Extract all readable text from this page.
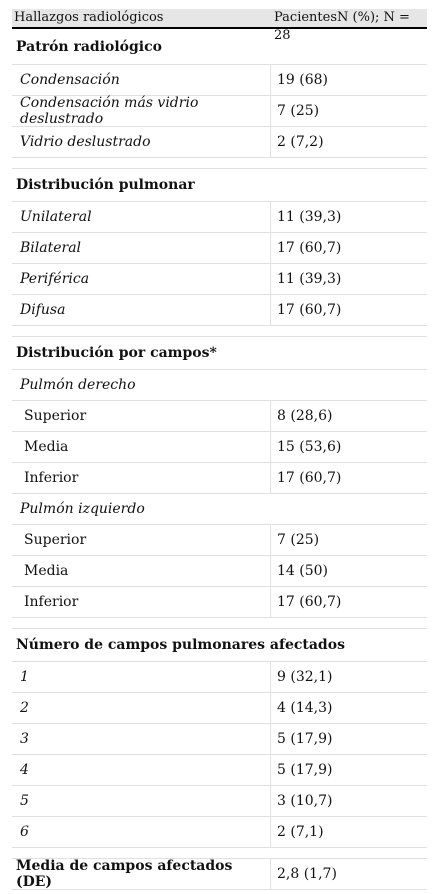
Hallazgos radiológicos	PacientesN (%); N = 28
Patrón radiológico
Condensación	19 (68)
Condensación más vidrio deslustrado	7 (25)
Vidrio deslustrado	2 (7,2)
Distribución pulmonar
Unilateral	11 (39,3)
Bilateral	17 (60,7)
Periférica	11 (39,3)
Difusa	17 (60,7)
Distribución por campos*
Pulmón derecho
Superior	8 (28,6)
Media	15 (53,6)
Inferior	17 (60,7)
Pulmón izquierdo
Superior	7 (25)
Media	14 (50)
Inferior	17 (60,7)
Número de campos pulmonares afectados
1	9 (32,1)
2	4 (14,3)
3	5 (17,9)
4	5 (17,9)
5	3 (10,7)
6	2 (7,1)
Media de campos afectados (DE)	2,8 (1,7)
